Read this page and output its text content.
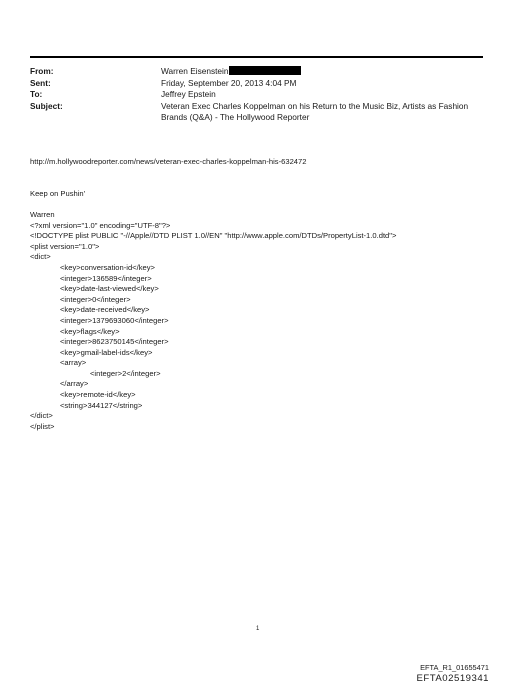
From:	Warren Eisenstein
Sent:	Friday, September 20, 2013 4:04 PM
To:	Jeffrey Epstein
Subject:	Veteran Exec Charles Koppelman on his Return to the Music Biz, Artists as Fashion
Brands (Q&A) - The Hollywood Reporter
http://m.hollywoodreporter.com/news/veteran-exec-charles-koppelman-his-632472
Keep on Pushin'
Warren
<?xml version="1.0" encoding="UTF-8"?>
<!DOCTYPE plist PUBLIC "-//Apple//DTD PLIST 1.0//EN" "http://www.apple.com/DTDs/PropertyList-1.0.dtd">
<plist version="1.0">
<dict>
<key>conversation-id</key>
<integer>136589</integer>
<key>date-last-viewed</key>
<integer>0</integer>
<key>date-received</key>
<integer>1379693060</integer>
<key>flags</key>
<integer>8623750145</integer>
<key>gmail-label-ids</key>
<array>
<integer>2</integer>
</array>
<key>remote-id</key>
<string>344127</string>
</dict>
</plist>
1
EFTA_R1_01655471
EFTA02519341
